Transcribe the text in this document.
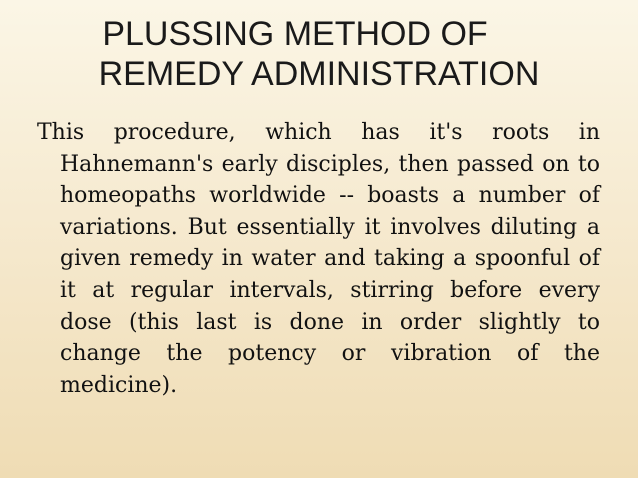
PLUSSING METHOD OF
REMEDY ADMINISTRATION

This procedure, which has it's roots in Hahnemann's early disciples, then passed on to homeopaths worldwide -- boasts a number of variations. But essentially it involves diluting a given remedy in water and taking a spoonful of it at regular intervals, stirring before every dose (this last is done in order slightly to change the potency or vibration of the medicine).
